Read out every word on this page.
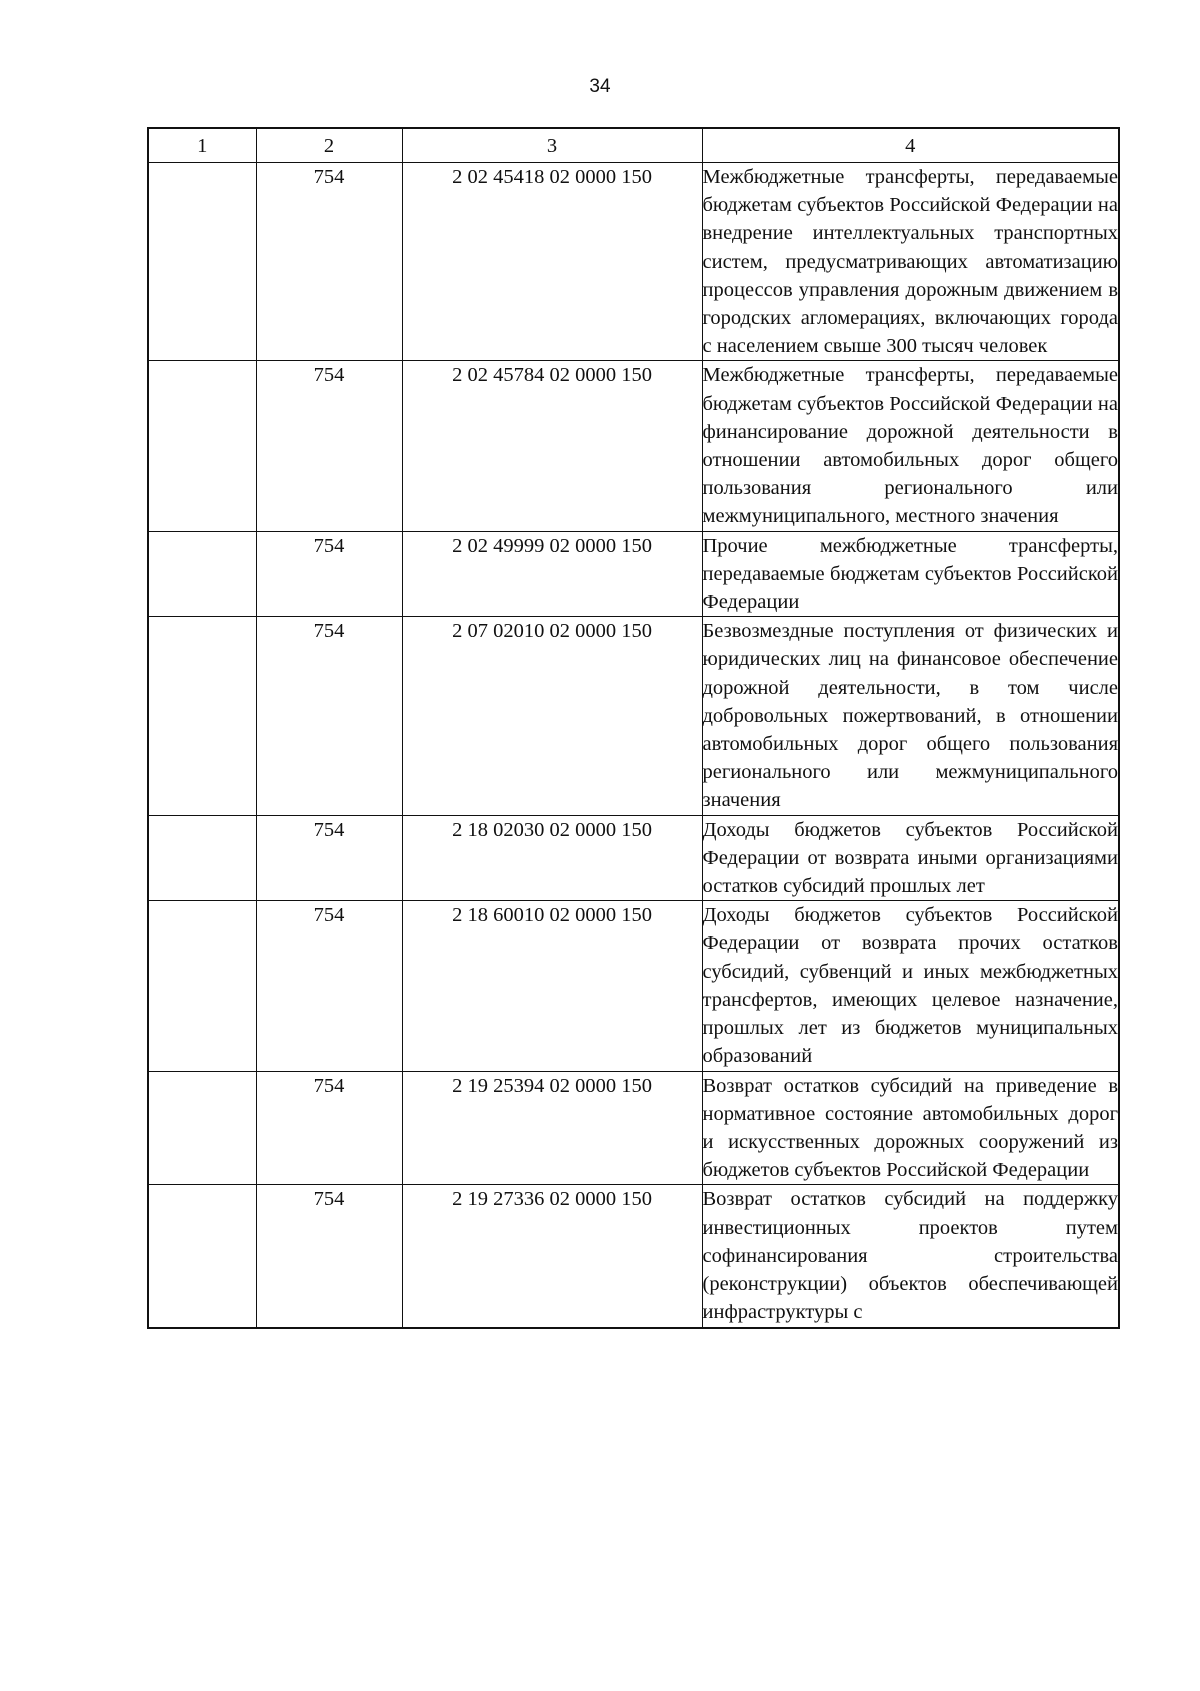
34
1	2	3	4
	754	2 02 45418 02 0000 150	Межбюджетные трансферты, передаваемые бюджетам субъектов Российской Федерации на внедрение интеллектуальных транспортных систем, предусматривающих автоматизацию процессов управления дорожным движением в городских агломерациях, включающих города с населением свыше 300 тысяч человек
	754	2 02 45784 02 0000 150	Межбюджетные трансферты, передаваемые бюджетам субъектов Российской Федерации на финансирование дорожной деятельности в отношении автомобильных дорог общего пользования регионального или межмуниципального, местного значения
	754	2 02 49999 02 0000 150	Прочие межбюджетные трансферты, передаваемые бюджетам субъектов Российской Федерации
	754	2 07 02010 02 0000 150	Безвозмездные поступления от физических и юридических лиц на финансовое обеспечение дорожной деятельности, в том числе добровольных пожертвований, в отношении автомобильных дорог общего пользования регионального или межмуниципального значения
	754	2 18 02030 02 0000 150	Доходы бюджетов субъектов Российской Федерации от возврата иными организациями остатков субсидий прошлых лет
	754	2 18 60010 02 0000 150	Доходы бюджетов субъектов Российской Федерации от возврата прочих остатков субсидий, субвенций и иных межбюджетных трансфертов, имеющих целевое назначение, прошлых лет из бюджетов муниципальных образований
	754	2 19 25394 02 0000 150	Возврат остатков субсидий на приведение в нормативное состояние автомобильных дорог и искусственных дорожных сооружений из бюджетов субъектов Российской Федерации
	754	2 19 27336 02 0000 150	Возврат остатков субсидий на поддержку инвестиционных проектов путем софинансирования строительства (реконструкции) объектов обеспечивающей инфраструктуры с
